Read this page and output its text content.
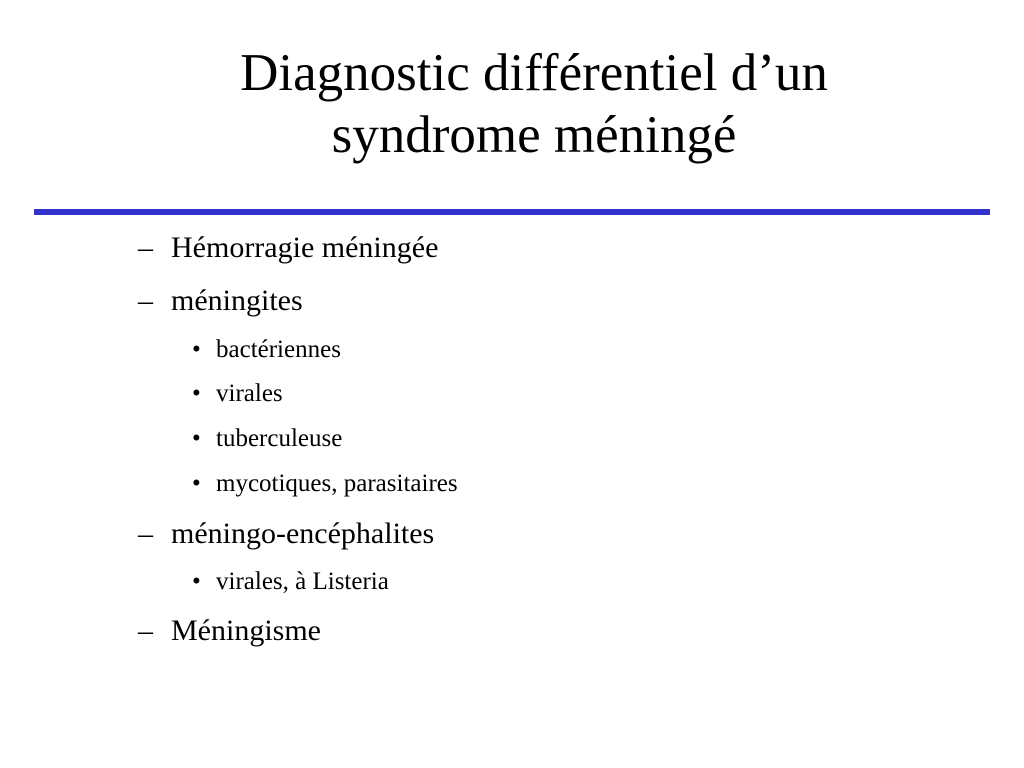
Diagnostic différentiel d’un
syndrome méningé
– Hémorragie méningée
– méningites
• bactériennes
• virales
• tuberculeuse
• mycotiques, parasitaires
– méningo-encéphalites
• virales, à Listeria
– Méningisme
